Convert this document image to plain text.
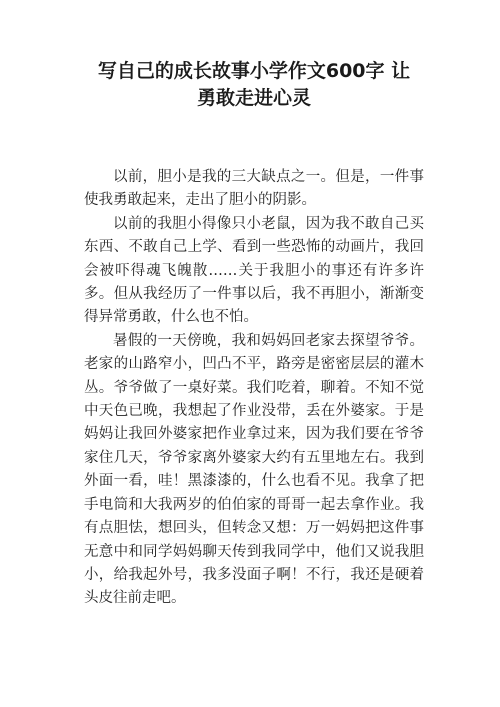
写自己的成长故事小学作文600字 让
勇敢走进心灵

以前，胆小是我的三大缺点之一。但是，一件事使我勇敢起来，走出了胆小的阴影。

以前的我胆小得像只小老鼠，因为我不敢自己买东西、不敢自己上学、看到一些恐怖的动画片，我回会被吓得魂飞魄散……关于我胆小的事还有许多许多。但从我经历了一件事以后，我不再胆小，渐渐变得异常勇敢，什么也不怕。

暑假的一天傍晚，我和妈妈回老家去探望爷爷。老家的山路窄小，凹凸不平，路旁是密密层层的灌木丛。爷爷做了一桌好菜。我们吃着，聊着。不知不觉中天色已晚，我想起了作业没带，丢在外婆家。于是妈妈让我回外婆家把作业拿过来，因为我们要在爷爷家住几天，爷爷家离外婆家大约有五里地左右。我到外面一看，哇！黑漆漆的，什么也看不见。我拿了把手电筒和大我两岁的伯伯家的哥哥一起去拿作业。我有点胆怯，想回头，但转念又想：万一妈妈把这件事无意中和同学妈妈聊天传到我同学中，他们又说我胆小，给我起外号，我多没面子啊！不行，我还是硬着头皮往前走吧。
